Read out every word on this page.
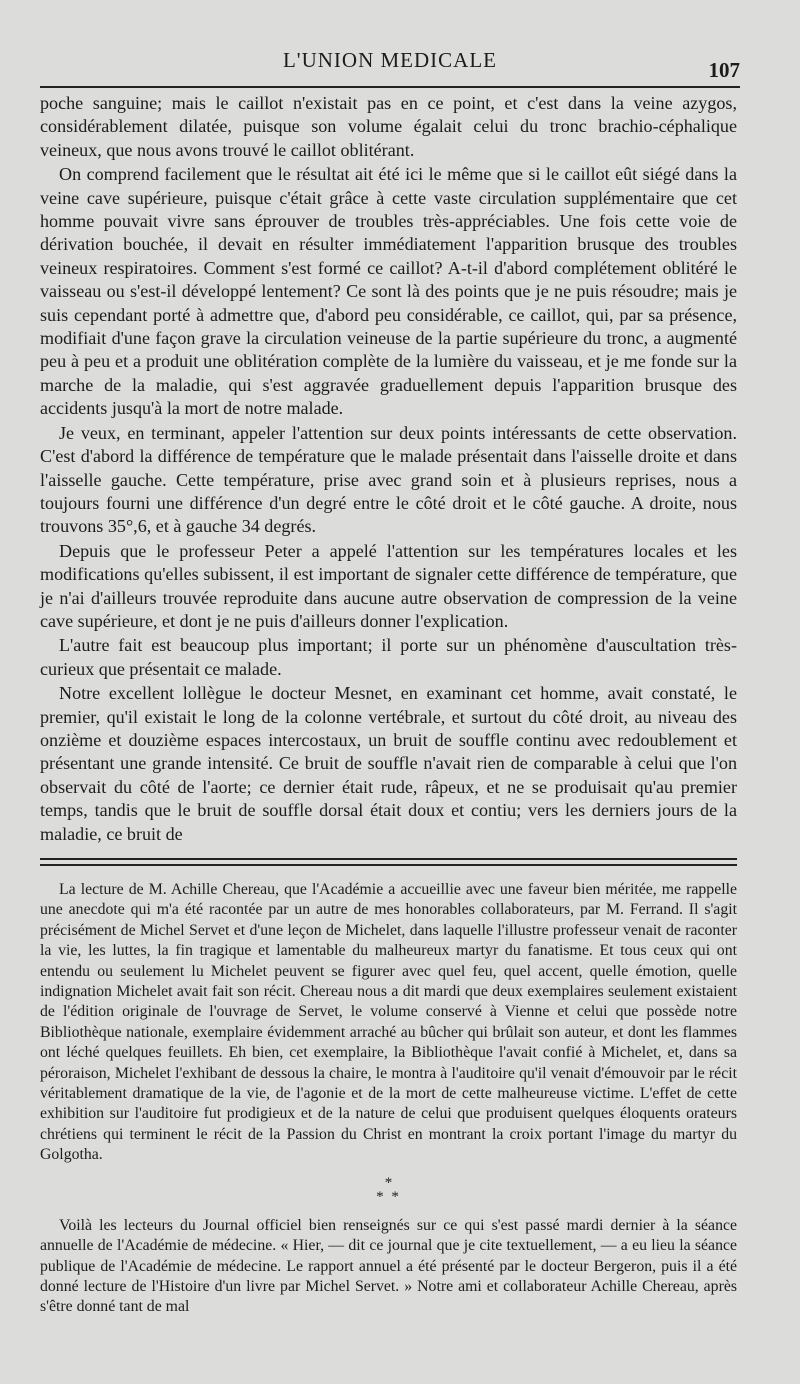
L'UNION MEDICALE	107

poche sanguine; mais le caillot n'existait pas en ce point, et c'est dans la veine azygos, considérablement dilatée, puisque son volume égalait celui du tronc brachio-céphalique veineux, que nous avons trouvé le caillot oblitérant.

On comprend facilement que le résultat ait été ici le même que si le caillot eût siégé dans la veine cave supérieure, puisque c'était grâce à cette vaste circulation supplémentaire que cet homme pouvait vivre sans éprouver de troubles très-appréciables. Une fois cette voie de dérivation bouchée, il devait en résulter immédiatement l'apparition brusque des troubles veineux respiratoires. Comment s'est formé ce caillot? A-t-il d'abord complétement oblitéré le vaisseau ou s'est-il développé lentement? Ce sont là des points que je ne puis résoudre; mais je suis cependant porté à admettre que, d'abord peu considérable, ce caillot, qui, par sa présence, modifiait d'une façon grave la circulation veineuse de la partie supérieure du tronc, a augmenté peu à peu et a produit une oblitération complète de la lumière du vaisseau, et je me fonde sur la marche de la maladie, qui s'est aggravée graduellement depuis l'apparition brusque des accidents jusqu'à la mort de notre malade.

Je veux, en terminant, appeler l'attention sur deux points intéressants de cette observation. C'est d'abord la différence de température que le malade présentait dans l'aisselle droite et dans l'aisselle gauche. Cette température, prise avec grand soin et à plusieurs reprises, nous a toujours fourni une différence d'un degré entre le côté droit et le côté gauche. A droite, nous trouvons 35°,6, et à gauche 34 degrés.

Depuis que le professeur Peter a appelé l'attention sur les températures locales et les modifications qu'elles subissent, il est important de signaler cette différence de température, que je n'ai d'ailleurs trouvée reproduite dans aucune autre observation de compression de la veine cave supérieure, et dont je ne puis d'ailleurs donner l'explication.

L'autre fait est beaucoup plus important; il porte sur un phénomène d'auscultation très-curieux que présentait ce malade.

Notre excellent lollègue le docteur Mesnet, en examinant cet homme, avait constaté, le premier, qu'il existait le long de la colonne vertébrale, et surtout du côté droit, au niveau des onzième et douzième espaces intercostaux, un bruit de souffle continu avec redoublement et présentant une grande intensité. Ce bruit de souffle n'avait rien de comparable à celui que l'on observait du côté de l'aorte; ce dernier était rude, râpeux, et ne se produisait qu'au premier temps, tandis que le bruit de souffle dorsal était doux et contiu; vers les derniers jours de la maladie, ce bruit de

La lecture de M. Achille Chereau, que l'Académie a accueillie avec une faveur bien méritée, me rappelle une anecdote qui m'a été racontée par un autre de mes honorables collaborateurs, par M. Ferrand. Il s'agit précisément de Michel Servet et d'une leçon de Michelet, dans laquelle l'illustre professeur venait de raconter la vie, les luttes, la fin tragique et lamentable du malheureux martyr du fanatisme. Et tous ceux qui ont entendu ou seulement lu Michelet peuvent se figurer avec quel feu, quel accent, quelle émotion, quelle indignation Michelet avait fait son récit. Chereau nous a dit mardi que deux exemplaires seulement existaient de l'édition originale de l'ouvrage de Servet, le volume conservé à Vienne et celui que possède notre Bibliothèque nationale, exemplaire évidemment arraché au bûcher qui brûlait son auteur, et dont les flammes ont léché quelques feuillets. Eh bien, cet exemplaire, la Bibliothèque l'avait confié à Michelet, et, dans sa péroraison, Michelet l'exhibant de dessous la chaire, le montra à l'auditoire qu'il venait d'émouvoir par le récit véritablement dramatique de la vie, de l'agonie et de la mort de cette malheureuse victime. L'effet de cette exhibition sur l'auditoire fut prodigieux et de la nature de celui que produisent quelques éloquents orateurs chrétiens qui terminent le récit de la Passion du Christ en montrant la croix portant l'image du martyr du Golgotha.

*
* *

Voilà les lecteurs du Journal officiel bien renseignés sur ce qui s'est passé mardi dernier à la séance annuelle de l'Académie de médecine. « Hier, — dit ce journal que je cite textuellement, — a eu lieu la séance publique de l'Académie de médecine. Le rapport annuel a été présenté par le docteur Bergeron, puis il a été donné lecture de l'Histoire d'un livre par Michel Servet. » Notre ami et collaborateur Achille Chereau, après s'être donné tant de mal
